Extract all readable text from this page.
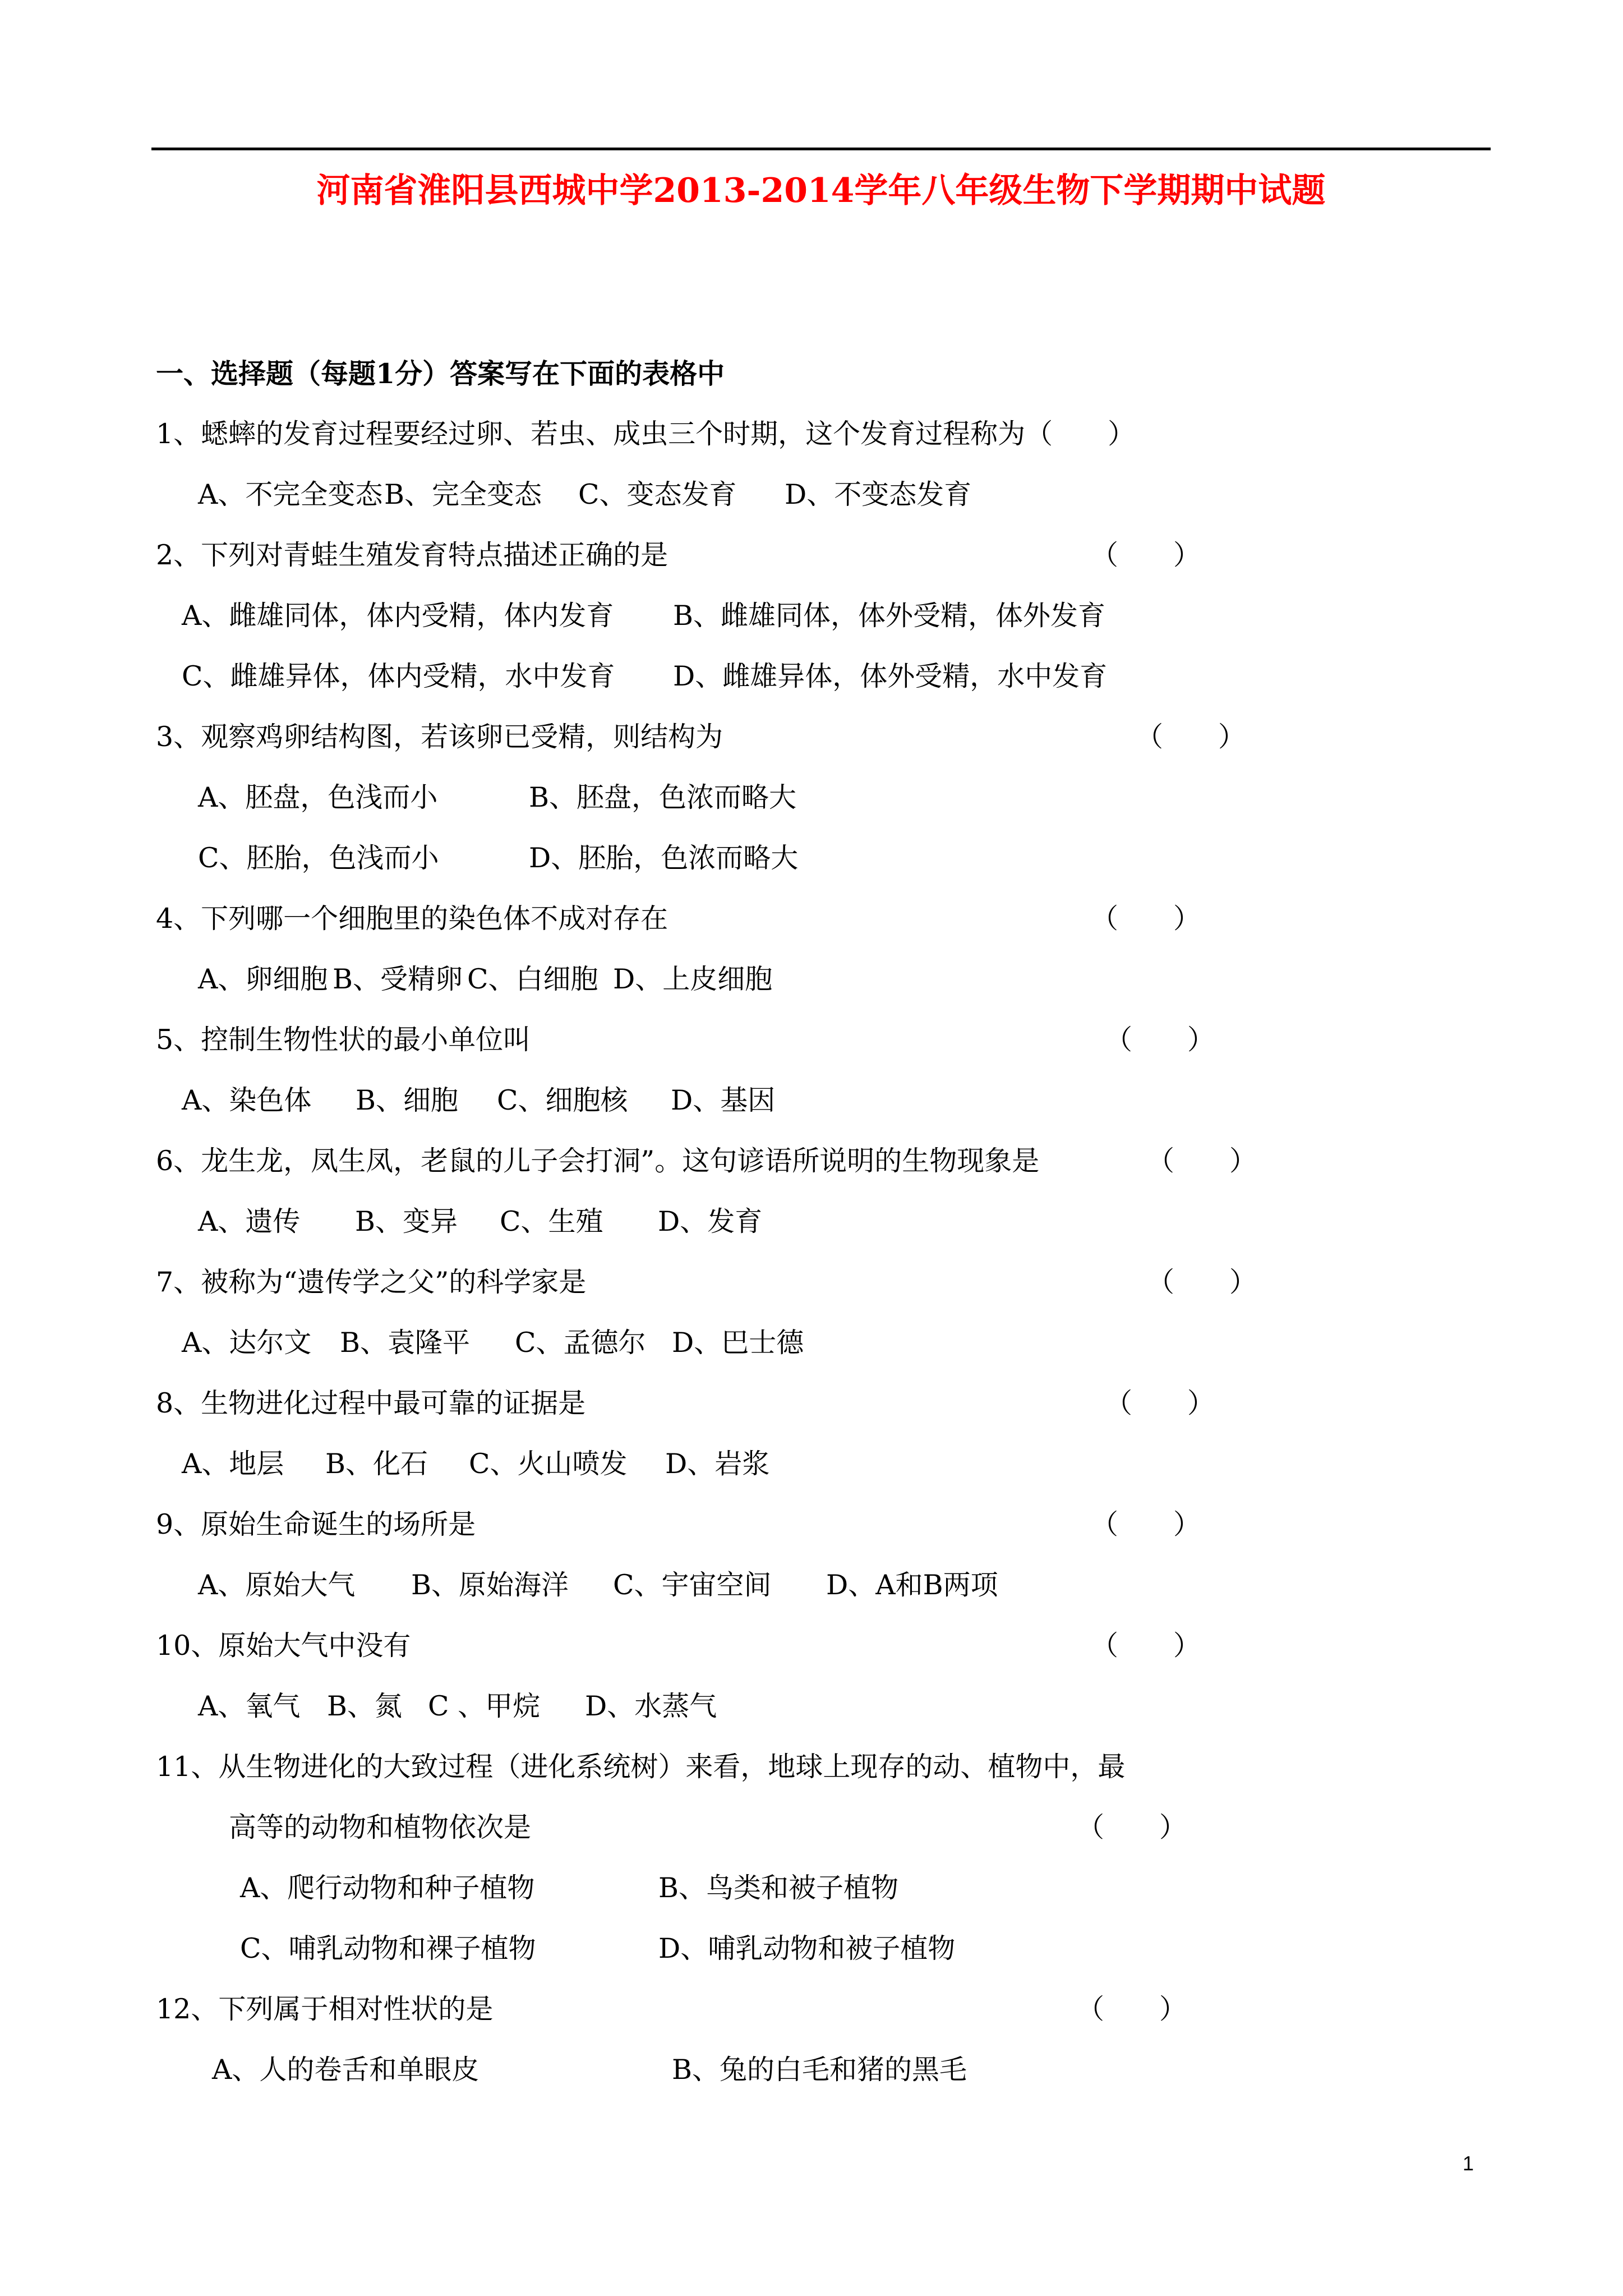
河南省淮阳县西城中学2013-2014学年八年级生物下学期期中试题
一、选择题（每题1分）答案写在下面的表格中
1、蟋蟀的发育过程要经过卵、若虫、成虫三个时期，这个发育过程称为（　　）
A、不完全变态B、完全变态 C、变态发育 D、不变态发育
2、下列对青蛙生殖发育特点描述正确的是	（　　）
A、雌雄同体，体内受精，体内发育 B、雌雄同体，体外受精，体外发育
C、雌雄异体，体内受精，水中发育 D、雌雄异体，体外受精，水中发育
3、观察鸡卵结构图，若该卵已受精，则结构为	（　　）
A、胚盘，色浅而小	B、胚盘，色浓而略大
C、胚胎，色浅而小	D、胚胎，色浓而略大
4、下列哪一个细胞里的染色体不成对存在	（　　）
A、卵细胞 B、受精卵 C、白细胞 D、上皮细胞
5、控制生物性状的最小单位叫	（　　）
A、染色体 B、细胞 C、细胞核 D、基因
6、龙生龙，凤生凤，老鼠的儿子会打洞”。这句谚语所说明的生物现象是	（　　）
A、遗传 B、变异 C、生殖 D、发育
7、被称为“遗传学之父”的科学家是	（　　）
A、达尔文 B、袁隆平 C、孟德尔 D、巴士德
8、生物进化过程中最可靠的证据是	（　　）
A、地层 B、化石 C、火山喷发 D、岩浆
9、原始生命诞生的场所是	（　　）
A、原始大气 B、原始海洋 C、宇宙空间 D、A和B两项
10、原始大气中没有	（　　）
A、氧气 B、氮 C 、甲烷 D、水蒸气
11、从生物进化的大致过程（进化系统树）来看，地球上现存的动、植物中，最
高等的动物和植物依次是	（　　）
A、爬行动物和种子植物	B、鸟类和被子植物
C、哺乳动物和裸子植物	D、哺乳动物和被子植物
12、下列属于相对性状的是	（　　）
A、人的卷舌和单眼皮	B、兔的白毛和猪的黑毛
1
